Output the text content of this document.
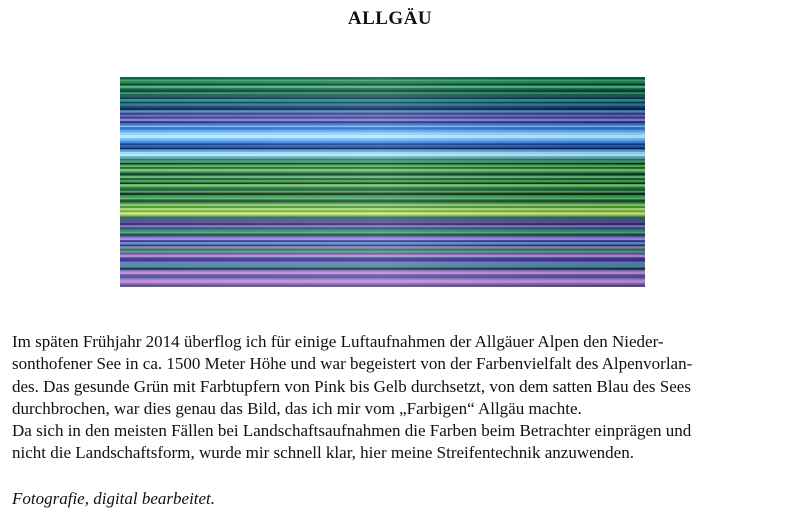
ALLGÄU
Im späten Frühjahr 2014 überflog ich für einige Luftaufnahmen der Allgäuer Alpen den Nieder-
sonthofener See in ca. 1500 Meter Höhe und war begeistert von der Farbenvielfalt des Alpenvorlan-
des. Das gesunde Grün mit Farbtupfern von Pink bis Gelb durchsetzt, von dem satten Blau des Sees
durchbrochen, war dies genau das Bild, das ich mir vom „Farbigen“ Allgäu machte.
Da sich in den meisten Fällen bei Landschaftsaufnahmen die Farben beim Betrachter einprägen und
nicht die Landschaftsform, wurde mir schnell klar, hier meine Streifentechnik anzuwenden.
Fotografie, digital bearbeitet.
